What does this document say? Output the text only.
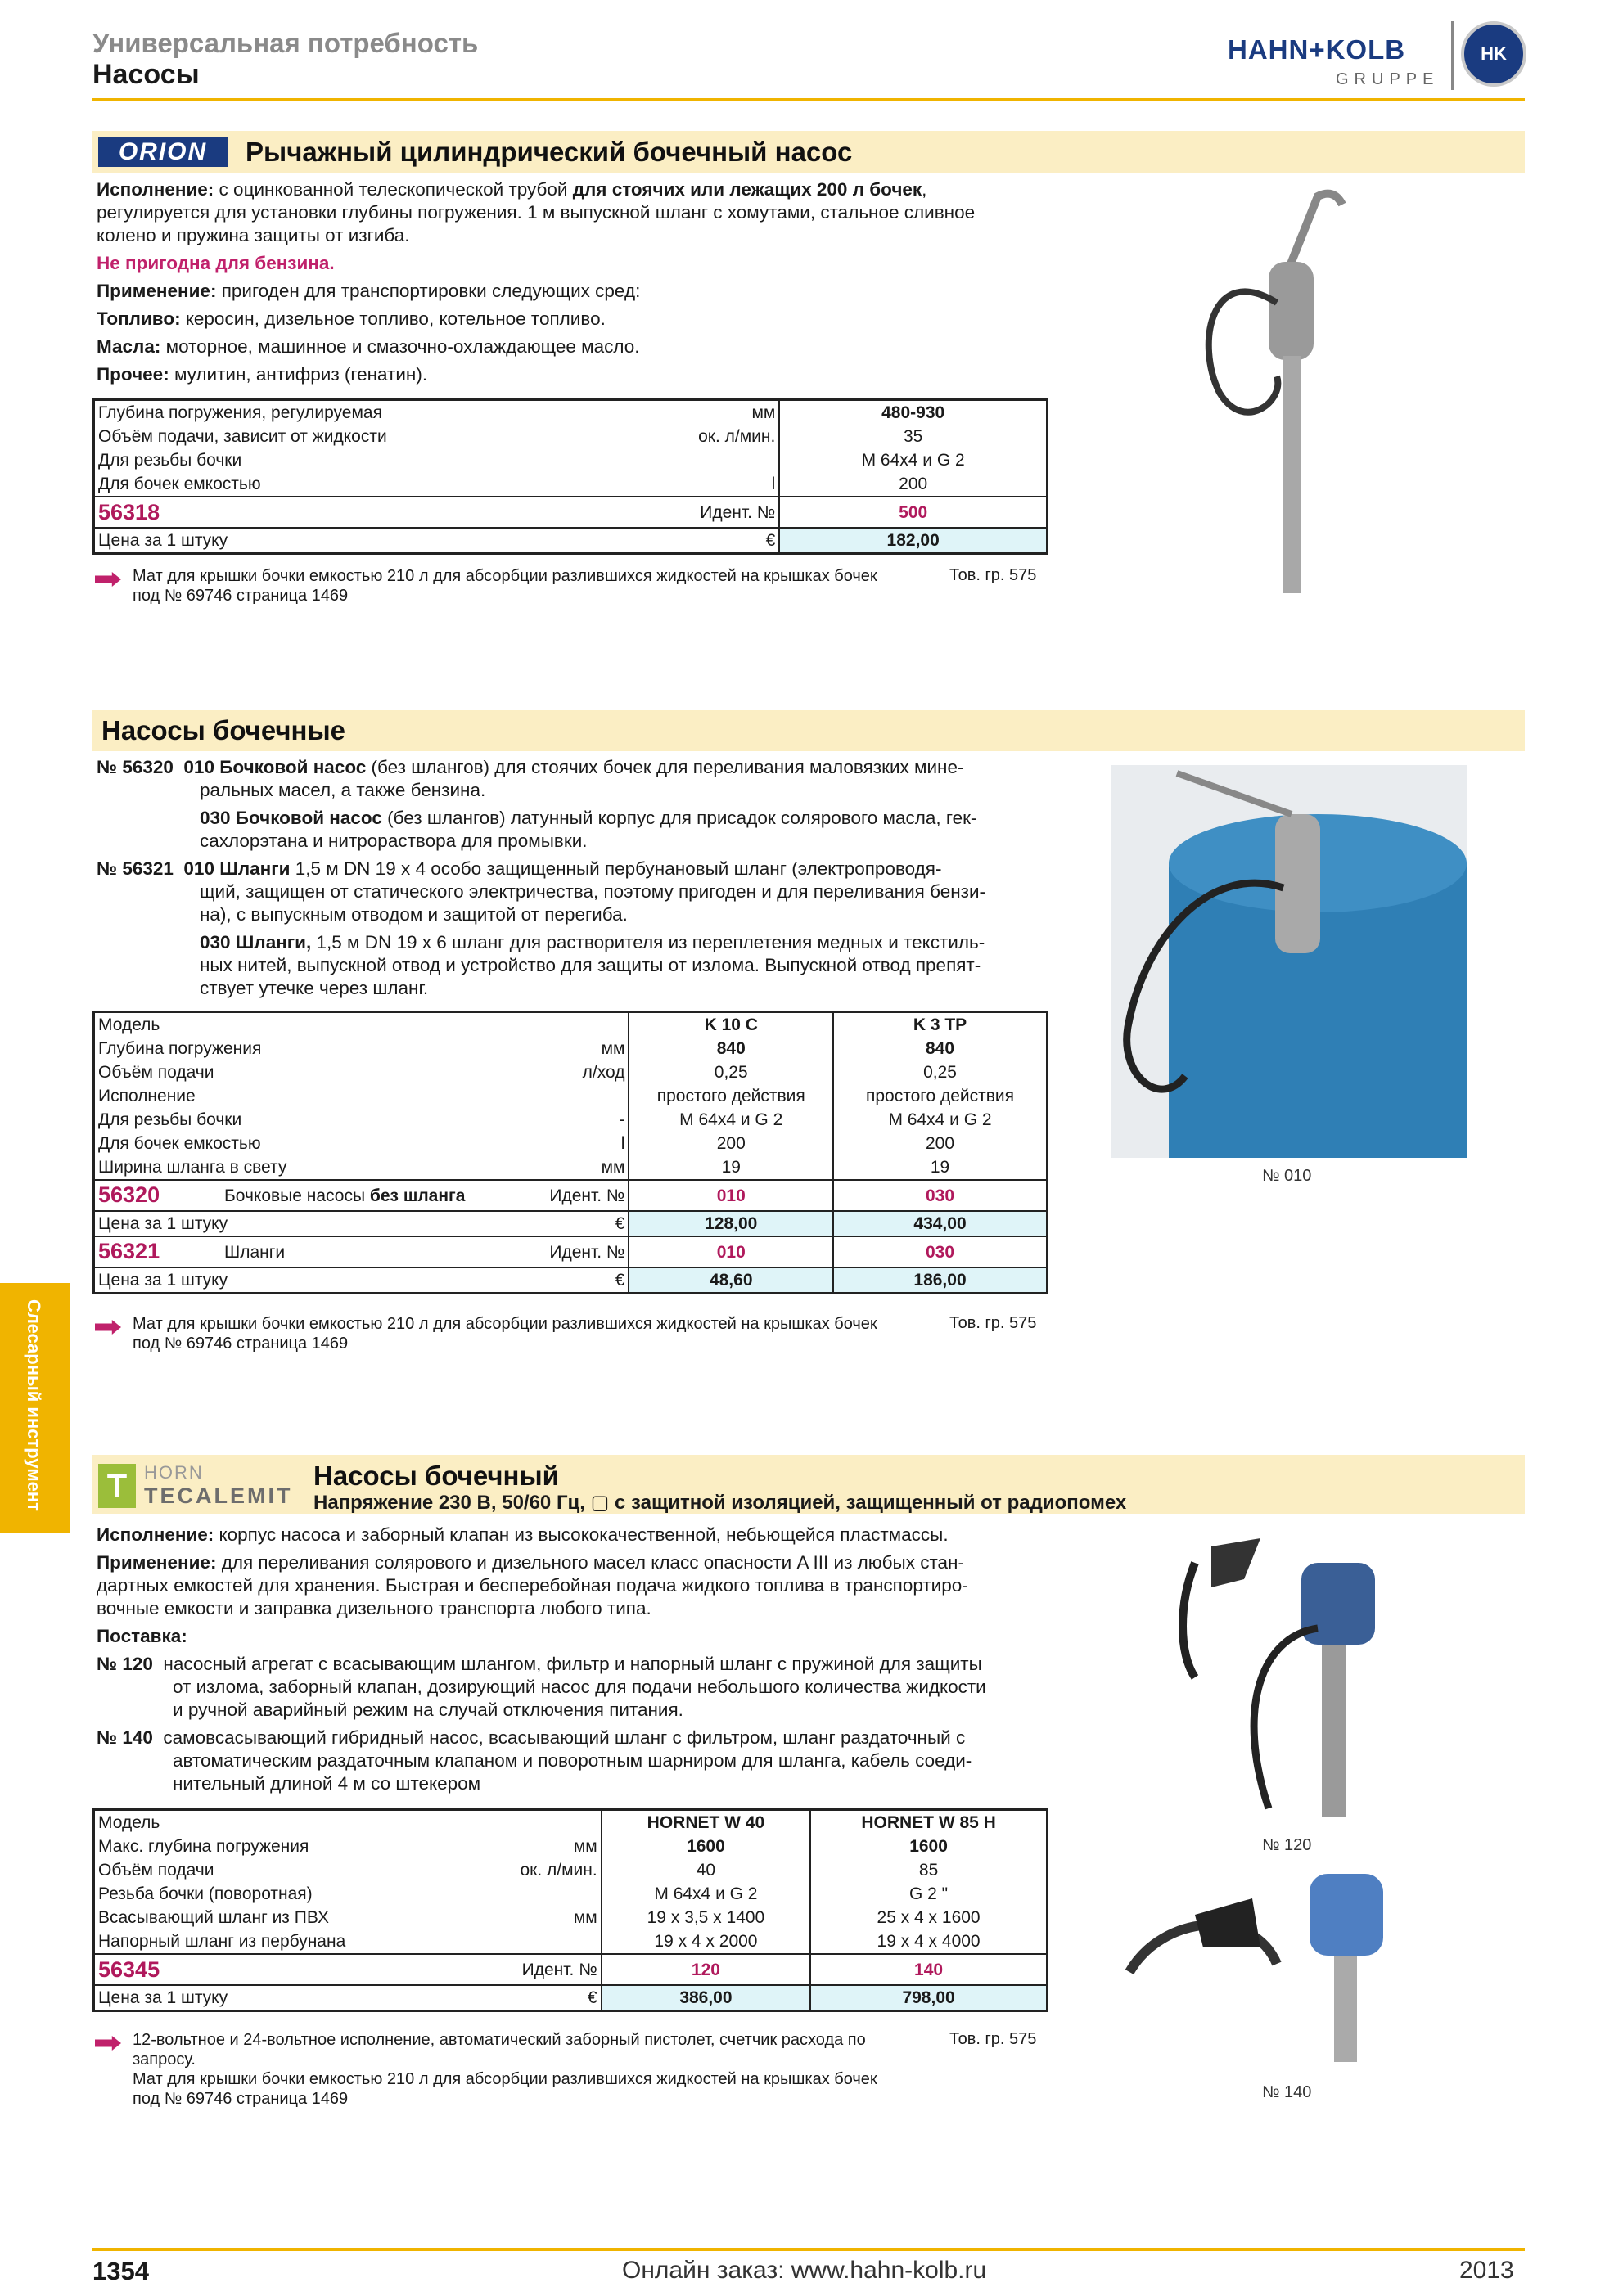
Универсальная потребность
Насосы
HAHN+KOLB
GRUPPE
HK
ORION	Рычажный цилиндрический бочечный насос
Исполнение: с оцинкованной телескопической трубой для стоячих или лежащих 200 л бочек,
регулируется для установки глубины погружения. 1 м выпускной шланг с хомутами, стальное сливное
колено и пружина защиты от изгиба.
Не пригодна для бензина.
Применение: пригоден для транспортировки следующих сред:
Топливо: керосин, дизельное топливо, котельное топливо.
Масла: моторное, машинное и смазочно-охлаждающее масло.
Прочее: мулитин, антифриз (генатин).
Глубина погружения, регулируемая мм	480-930

Объём подачи, зависит от жидкости ок. л/мин.	35

Для резьбы бочки	M 64x4 и G 2

Для бочек емкостью l	200

56318 Идент. №	500

Цена за 1 штуку €	182,00
Мат для крышки бочки емкостью 210 л для абсорбции разлившихся жидкостей на крышках бочек
под № 69746 страница 1469
Тов. гр. 575
Насосы бочечные
№ 56320 010 Бочковой насос (без шлангов) для стоячих бочек для переливания маловязких мине-
ральных масел, а также бензина.
030 Бочковой насос (без шлангов) латунный корпус для присадок солярового масла, гек-
сахлорэтана и нитрорастворa для промывки.
№ 56321 010 Шланги 1,5 м DN 19 x 4 особо защищенный пербунановый шланг (электропроводя-
щий, защищен от статического электричества, поэтому пригоден и для переливания бензи-
на), с выпускным отводом и защитой от перегиба.
030 Шланги, 1,5 м DN 19 x 6 шланг для растворителя из переплетения медных и текстиль-
ных нитей, выпускной отвод и устройство для защиты от излома. Выпускной отвод препят-
ствует утечке через шланг.
Модель		K 10 C	K 3 TP

Глубина погружения мм		840	840

Объём подачи л/ход		0,25	0,25

Исполнение		простого действия	простого действия

Для резьбы бочки -		M 64x4 и G 2	M 64x4 и G 2

Для бочек емкостью l		200	200

Ширина шланга в свету мм		19	19
56320	Бочковые насосы без шланга Идент. №	010	030

Цена за 1 штуку €		128,00	434,00
56321	Шланги Идент. №	010	030

Цена за 1 штуку €		48,60	186,00
Мат для крышки бочки емкостью 210 л для абсорбции разлившихся жидкостей на крышках бочек
под № 69746 страница 1469
Тов. гр. 575
№ 010
Слесарный инструмент T HORN
TECALEMIT
Насосы бочечный
Напряжение 230 В, 50/60 Гц, ▢ с защитной изоляцией, защищенный от радиопомех
Исполнение: корпус насоса и заборный клапан из высококачественной, небьющейся пластмассы.
Применение: для переливания солярового и дизельного масел класс опасности A III из любых стан-
дартных емкостей для хранения. Быстрая и бесперебойная подача жидкого топлива в транспортиро-
вочные емкости и заправка дизельного транспорта любого типа.
Поставка:
№ 120 насосный агрегат с всасывающим шлангом, фильтр и напорный шланг с пружиной для защиты
от излома, заборный клапан, дозирующий насос для подачи небольшого количества жидкости
и ручной аварийный режим на случай отключения питания.
№ 140 самовсасывающий гибридный насос, всасывающий шланг с фильтром, шланг раздаточный с
автоматическим раздаточным клапаном и поворотным шарниром для шланга, кабель соеди-
нительный длиной 4 м со штекером
Модель	HORNET W 40	HORNET W 85 H

Макс. глубина погружения мм	1600	1600

Объём подачи ок. л/мин.	40	85

Резьба бочки (поворотная)	M 64x4 и G 2	G 2 "

Всасывающий шланг из ПВХ мм	19 x 3,5 x 1400	25 x 4 x 1600

Напорный шланг из пербунана	19 x 4 x 2000	19 x 4 x 4000

56345 Идент. №	120	140

Цена за 1 штуку €	386,00	798,00
12-вольтное и 24-вольтное исполнение, автоматический заборный пистолет, счетчик расхода по
запросу.
Мат для крышки бочки емкостью 210 л для абсорбции разлившихся жидкостей на крышках бочек
под № 69746 страница 1469
Тов. гр. 575
№ 120
№ 140
1354	Онлайн заказ: www.hahn-kolb.ru	2013
